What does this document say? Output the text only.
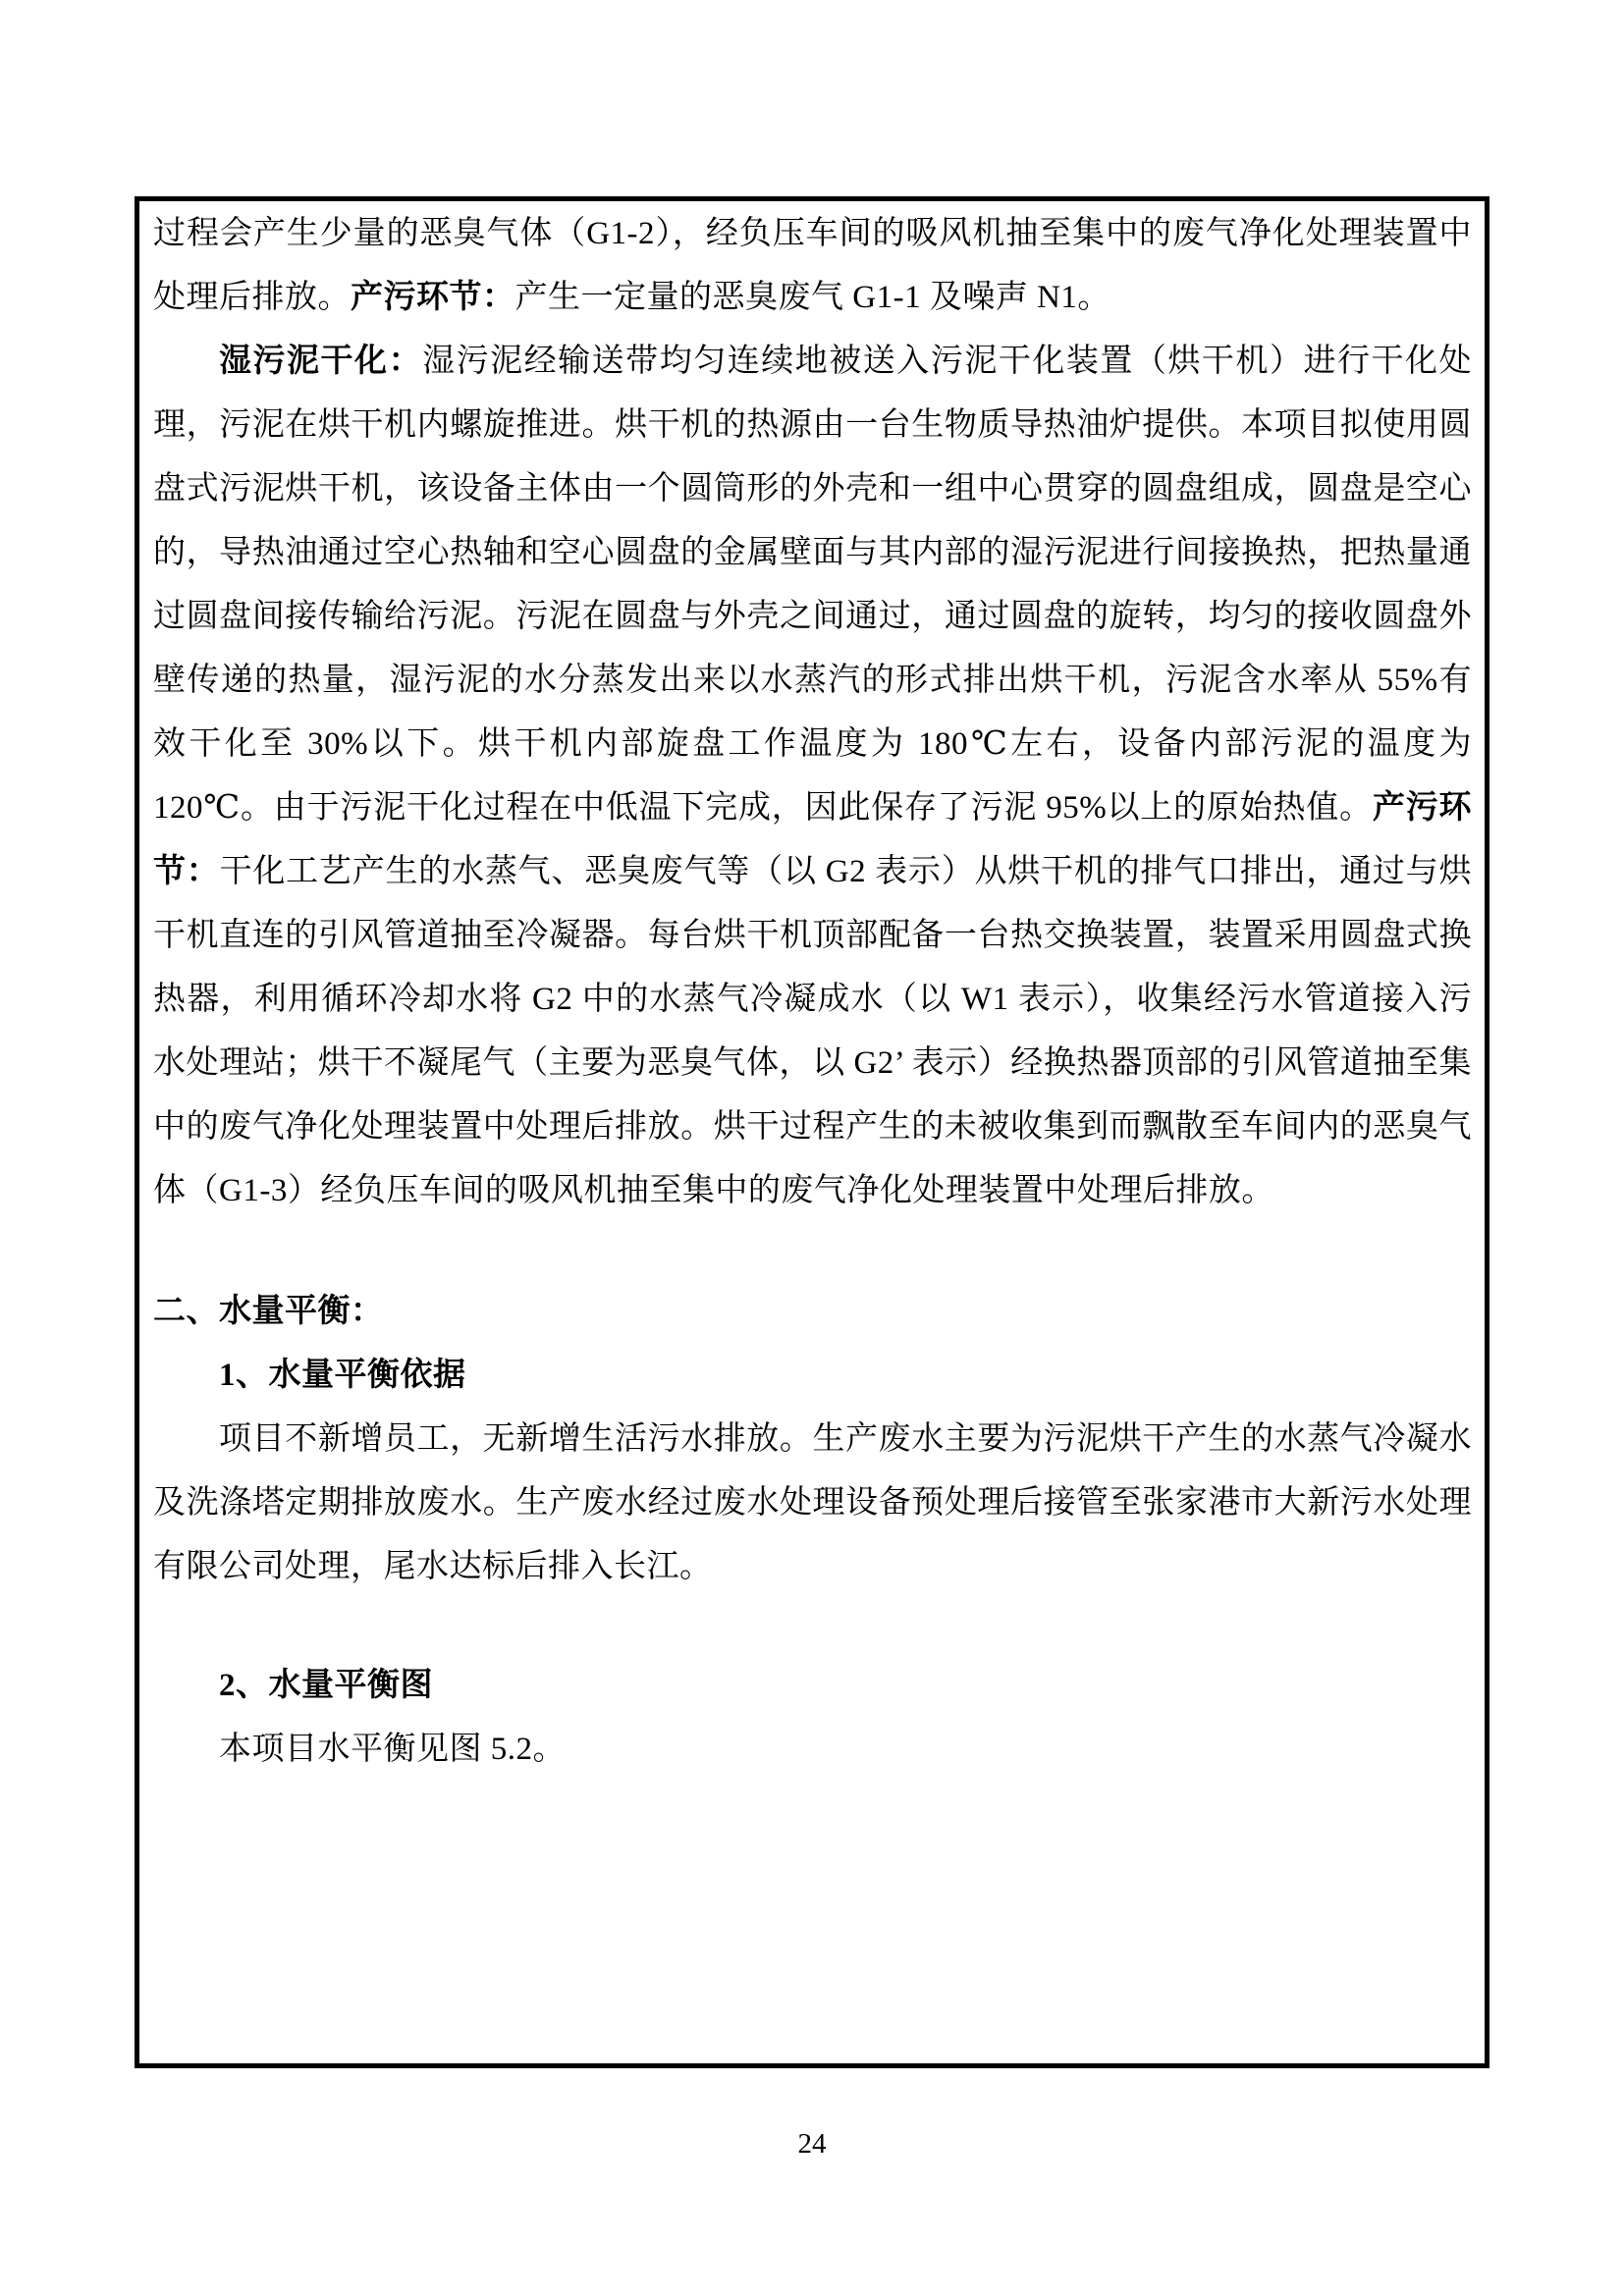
过程会产生少量的恶臭气体（G1-2），经负压车间的吸风机抽至集中的废气净化处理装置中处理后排放。产污环节：产生一定量的恶臭废气 G1-1 及噪声 N1。

湿污泥干化：湿污泥经输送带均匀连续地被送入污泥干化装置（烘干机）进行干化处理，污泥在烘干机内螺旋推进。烘干机的热源由一台生物质导热油炉提供。本项目拟使用圆盘式污泥烘干机，该设备主体由一个圆筒形的外壳和一组中心贯穿的圆盘组成，圆盘是空心的，导热油通过空心热轴和空心圆盘的金属壁面与其内部的湿污泥进行间接换热，把热量通过圆盘间接传输给污泥。污泥在圆盘与外壳之间通过，通过圆盘的旋转，均匀的接收圆盘外壁传递的热量，湿污泥的水分蒸发出来以水蒸汽的形式排出烘干机，污泥含水率从 55%有效干化至 30%以下。烘干机内部旋盘工作温度为 180℃左右，设备内部污泥的温度为 120℃。由于污泥干化过程在中低温下完成，因此保存了污泥 95%以上的原始热值。产污环节：干化工艺产生的水蒸气、恶臭废气等（以 G2 表示）从烘干机的排气口排出，通过与烘干机直连的引风管道抽至冷凝器。每台烘干机顶部配备一台热交换装置，装置采用圆盘式换热器，利用循环冷却水将 G2 中的水蒸气冷凝成水（以 W1 表示），收集经污水管道接入污水处理站；烘干不凝尾气（主要为恶臭气体，以 G2’ 表示）经换热器顶部的引风管道抽至集中的废气净化处理装置中处理后排放。烘干过程产生的未被收集到而飘散至车间内的恶臭气体（G1-3）经负压车间的吸风机抽至集中的废气净化处理装置中处理后排放。

二、水量平衡：
1、水量平衡依据

项目不新增员工，无新增生活污水排放。生产废水主要为污泥烘干产生的水蒸气冷凝水及洗涤塔定期排放废水。生产废水经过废水处理设备预处理后接管至张家港市大新污水处理有限公司处理，尾水达标后排入长江。

2、水量平衡图

本项目水平衡见图 5.2。

24
